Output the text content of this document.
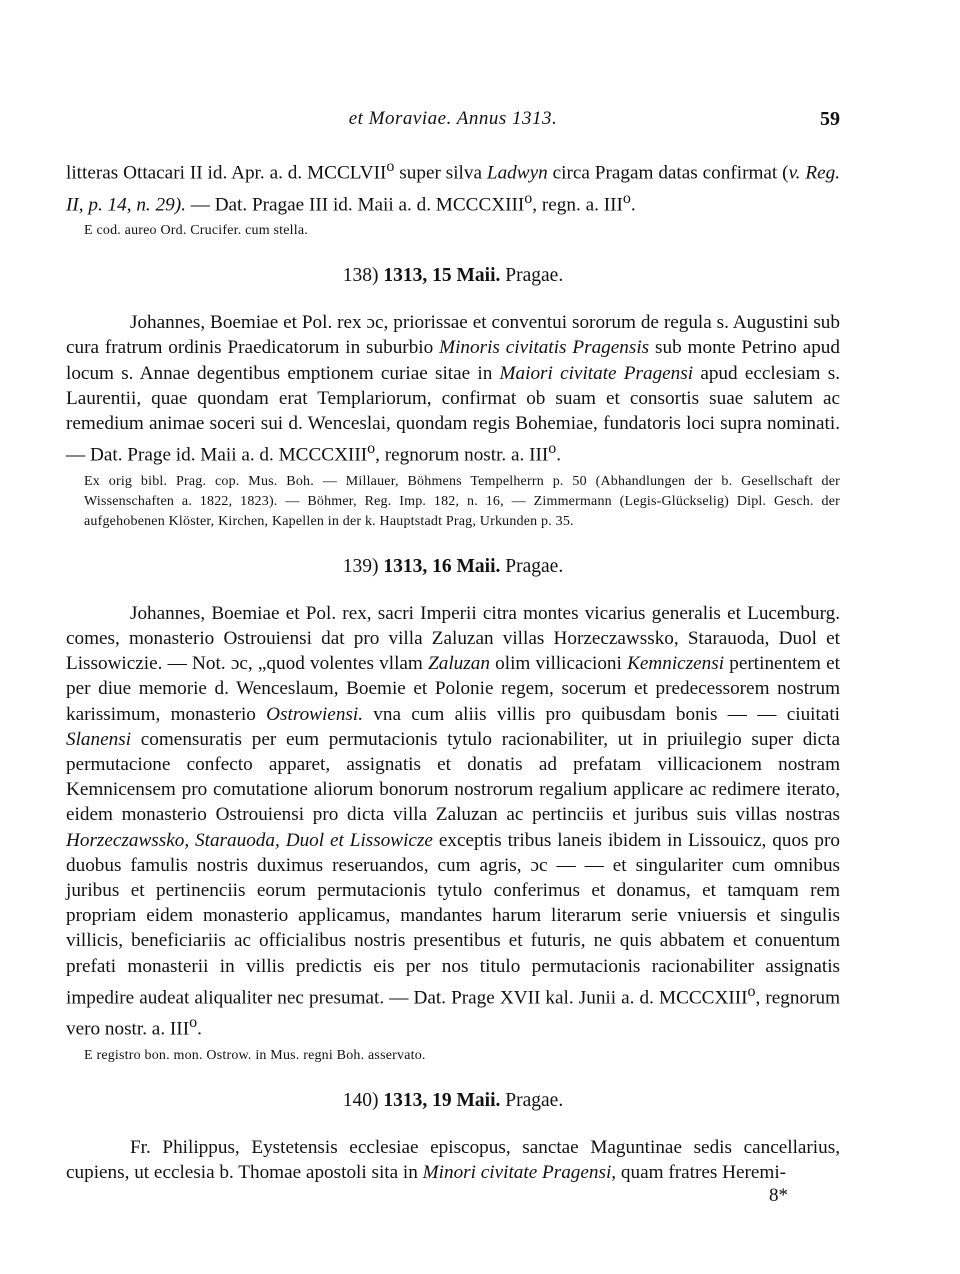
et Moraviae. Annus 1313.	59

litteras Ottacari II id. Apr. a. d. MCCLVII$^o$ super silva Ladwyn circa Pragam datas confirmat (v. Reg. II, p. 14, n. 29). — Dat. Pragae III id. Maii a. d. MCCCXIII$^o$, regn. a. III$^o$.

E cod. aureo Ord. Crucifer. cum stella.

138) 1313, 15 Maii. Pragae.

Johannes, Boemiae et Pol. rex ɔc, priorissae et conventui sororum de regula s. Augustini sub cura fratrum ordinis Praedicatorum in suburbio Minoris civitatis Pragensis sub monte Petrino apud locum s. Annae degentibus emptionem curiae sitae in Maiori civitate Pragensi apud ecclesiam s. Laurentii, quae quondam erat Templariorum, confirmat ob suam et consortis suae salutem ac remedium animae soceri sui d. Wenceslai, quondam regis Bohemiae, fundatoris loci supra nominati. — Dat. Prage id. Maii a. d. MCCCXIII$^o$, regnorum nostr. a. III$^o$.

Ex orig bibl. Prag. cop. Mus. Boh. — Millauer, Böhmens Tempelherrn p. 50 (Abhandlungen der b. Gesellschaft der Wissenschaften a. 1822, 1823). — Böhmer, Reg. Imp. 182, n. 16, — Zimmermann (Legis-Glückselig) Dipl. Gesch. der aufgehobenen Klöster, Kirchen, Kapellen in der k. Hauptstadt Prag, Urkunden p. 35.

139) 1313, 16 Maii. Pragae.

Johannes, Boemiae et Pol. rex, sacri Imperii citra montes vicarius generalis et Lucemburg. comes, monasterio Ostrouiensi dat pro villa Zaluzan villas Horzeczawssko, Starauoda, Duol et Lissowiczie. — Not. ɔc, „quod volentes vllam Zaluzan olim villicacioni Kemniczensi pertinentem et per diue memorie d. Wenceslaum, Boemie et Polonie regem, socerum et predecessorem nostrum karissimum, monasterio Ostrowiensi. vna cum aliis villis pro quibusdam bonis — — ciuitati Slanensi comensuratis per eum permutacionis tytulo racionabiliter, ut in priuilegio super dicta permutacione confecto apparet, assignatis et donatis ad prefatam villicacionem nostram Kemnicensem pro comutatione aliorum bonorum nostrorum regalium applicare ac redimere iterato, eidem monasterio Ostrouiensi pro dicta villa Zaluzan ac pertinciis et juribus suis villas nostras Horzeczawssko, Starauoda, Duol et Lissowicze exceptis tribus laneis ibidem in Lissouicz, quos pro duobus famulis nostris duximus reseruandos, cum agris, ɔc — — et singulariter cum omnibus juribus et pertinenciis eorum permutacionis tytulo conferimus et donamus, et tamquam rem propriam eidem monasterio applicamus, mandantes harum literarum serie vniuersis et singulis villicis, beneficiariis ac officialibus nostris presentibus et futuris, ne quis abbatem et conuentum prefati monasterii in villis predictis eis per nos titulo permutacionis racionabiliter assignatis impedire audeat aliqualiter nec presumat. — Dat. Prage XVII kal. Junii a. d. MCCCXIII$^o$, regnorum vero nostr. a. III$^o$.

E registro bon. mon. Ostrow. in Mus. regni Boh. asservato.

140) 1313, 19 Maii. Pragae.

Fr. Philippus, Eystetensis ecclesiae episcopus, sanctae Maguntinae sedis cancellarius, cupiens, ut ecclesia b. Thomae apostoli sita in Minori civitate Pragensi, quam fratres Heremi-

8*
